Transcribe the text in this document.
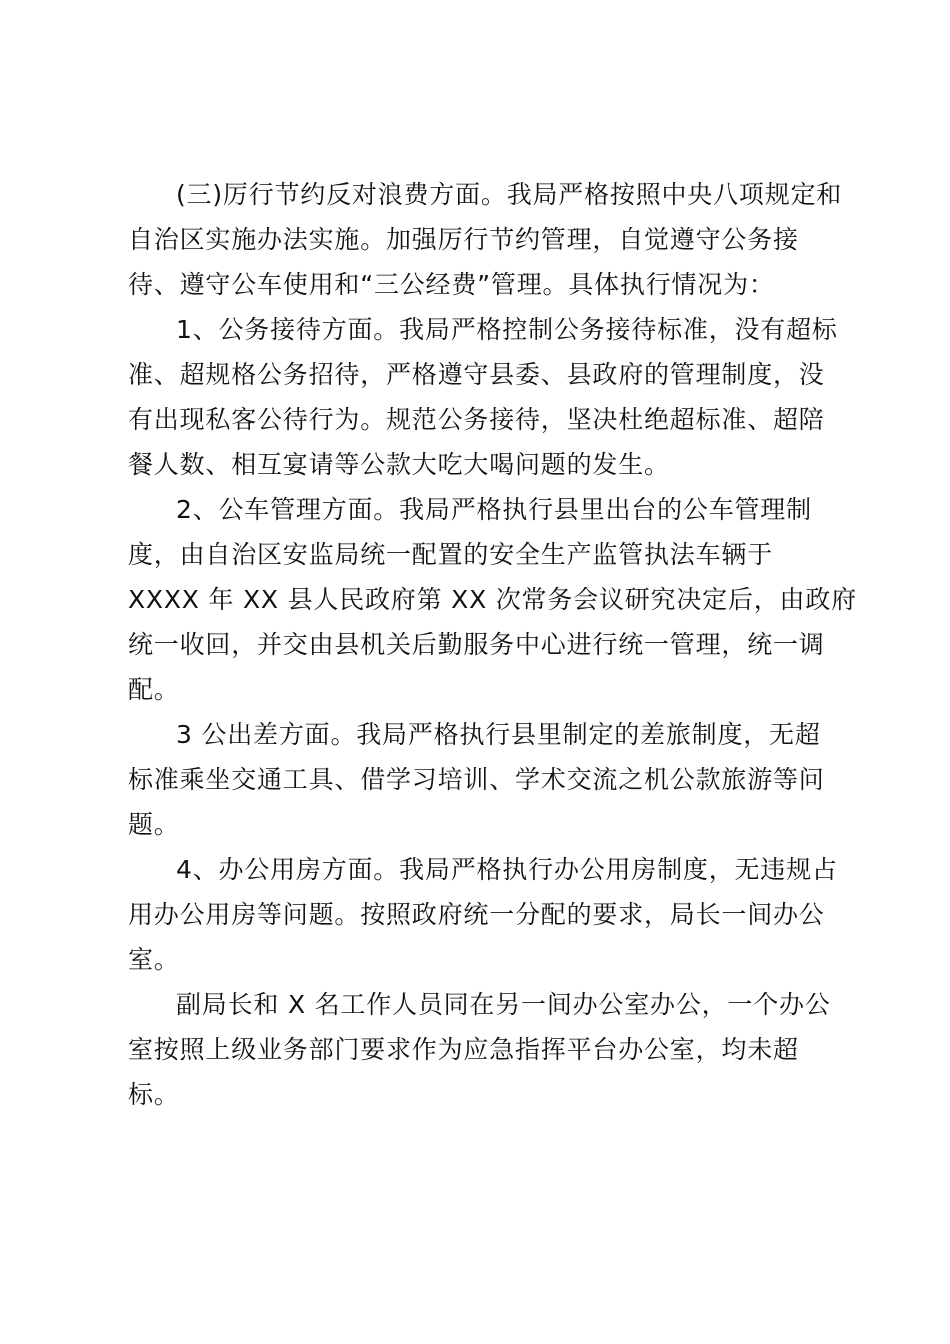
(三)厉行节约反对浪费方面。我局严格按照中央八项规定和
自治区实施办法实施。加强厉行节约管理，自觉遵守公务接
待、遵守公车使用和“三公经费”管理。具体执行情况为：
1、公务接待方面。我局严格控制公务接待标准，没有超标
准、超规格公务招待，严格遵守县委、县政府的管理制度，没
有出现私客公待行为。规范公务接待，坚决杜绝超标准、超陪
餐人数、相互宴请等公款大吃大喝问题的发生。
2、公车管理方面。我局严格执行县里出台的公车管理制
度，由自治区安监局统一配置的安全生产监管执法车辆于
XXXX 年 XX 县人民政府第 XX 次常务会议研究决定后，由政府
统一收回，并交由县机关后勤服务中心进行统一管理，统一调
配。
3 公出差方面。我局严格执行县里制定的差旅制度，无超
标准乘坐交通工具、借学习培训、学术交流之机公款旅游等问
题。
4、办公用房方面。我局严格执行办公用房制度，无违规占
用办公用房等问题。按照政府统一分配的要求，局长一间办公
室。
副局长和 X 名工作人员同在另一间办公室办公，一个办公
室按照上级业务部门要求作为应急指挥平台办公室，均未超
标。
